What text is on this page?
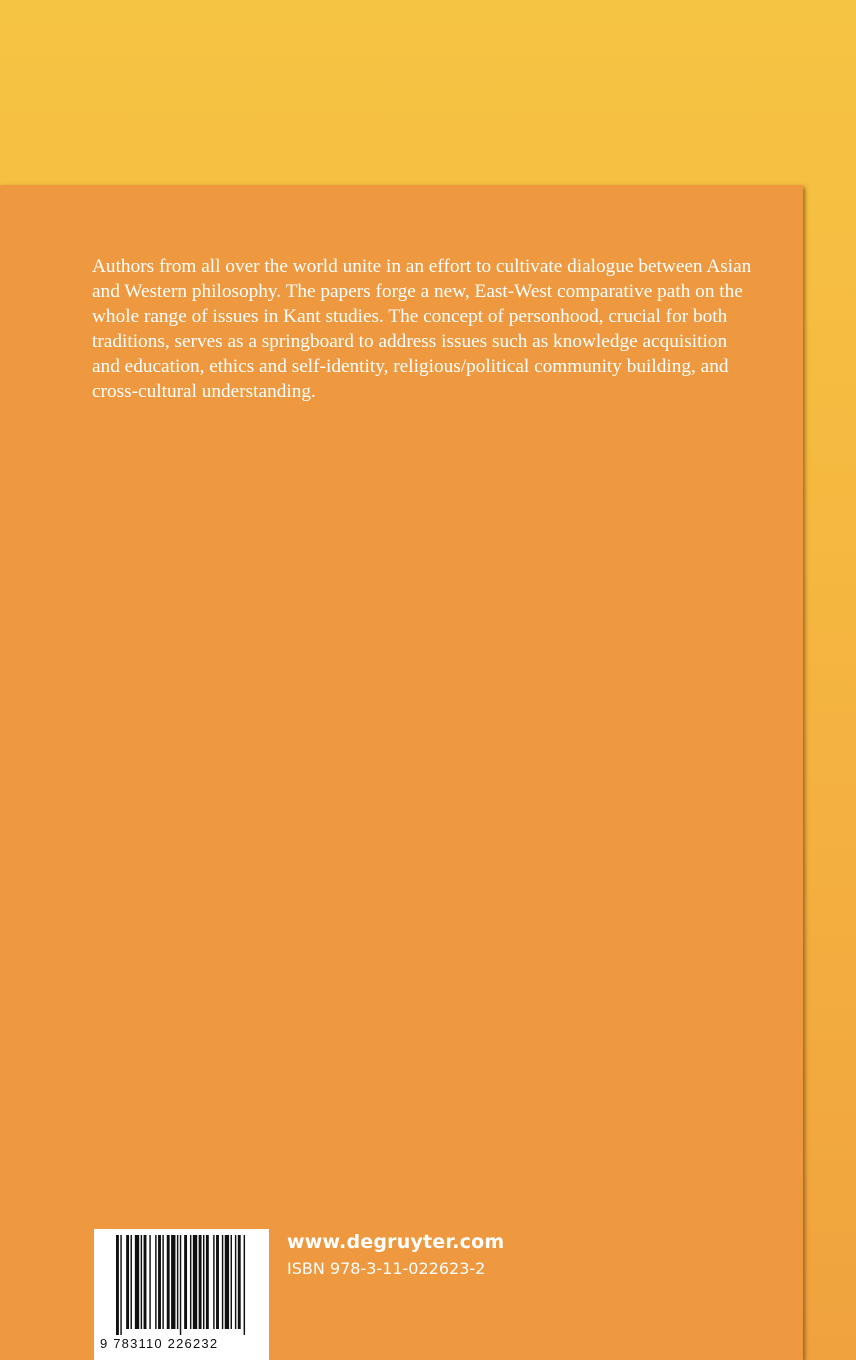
Authors from all over the world unite in an effort to cultivate dialogue between Asian and Western philosophy. The papers forge a new, East-West comparative path on the whole range of issues in Kant studies. The concept of personhood, crucial for both traditions, serves as a springboard to address issues such as knowledge acquisition and education, ethics and self-identity, religious/political community building, and cross-cultural understanding.

9 783110 226232
www.degruyter.com
ISBN 978-3-11-022623-2
